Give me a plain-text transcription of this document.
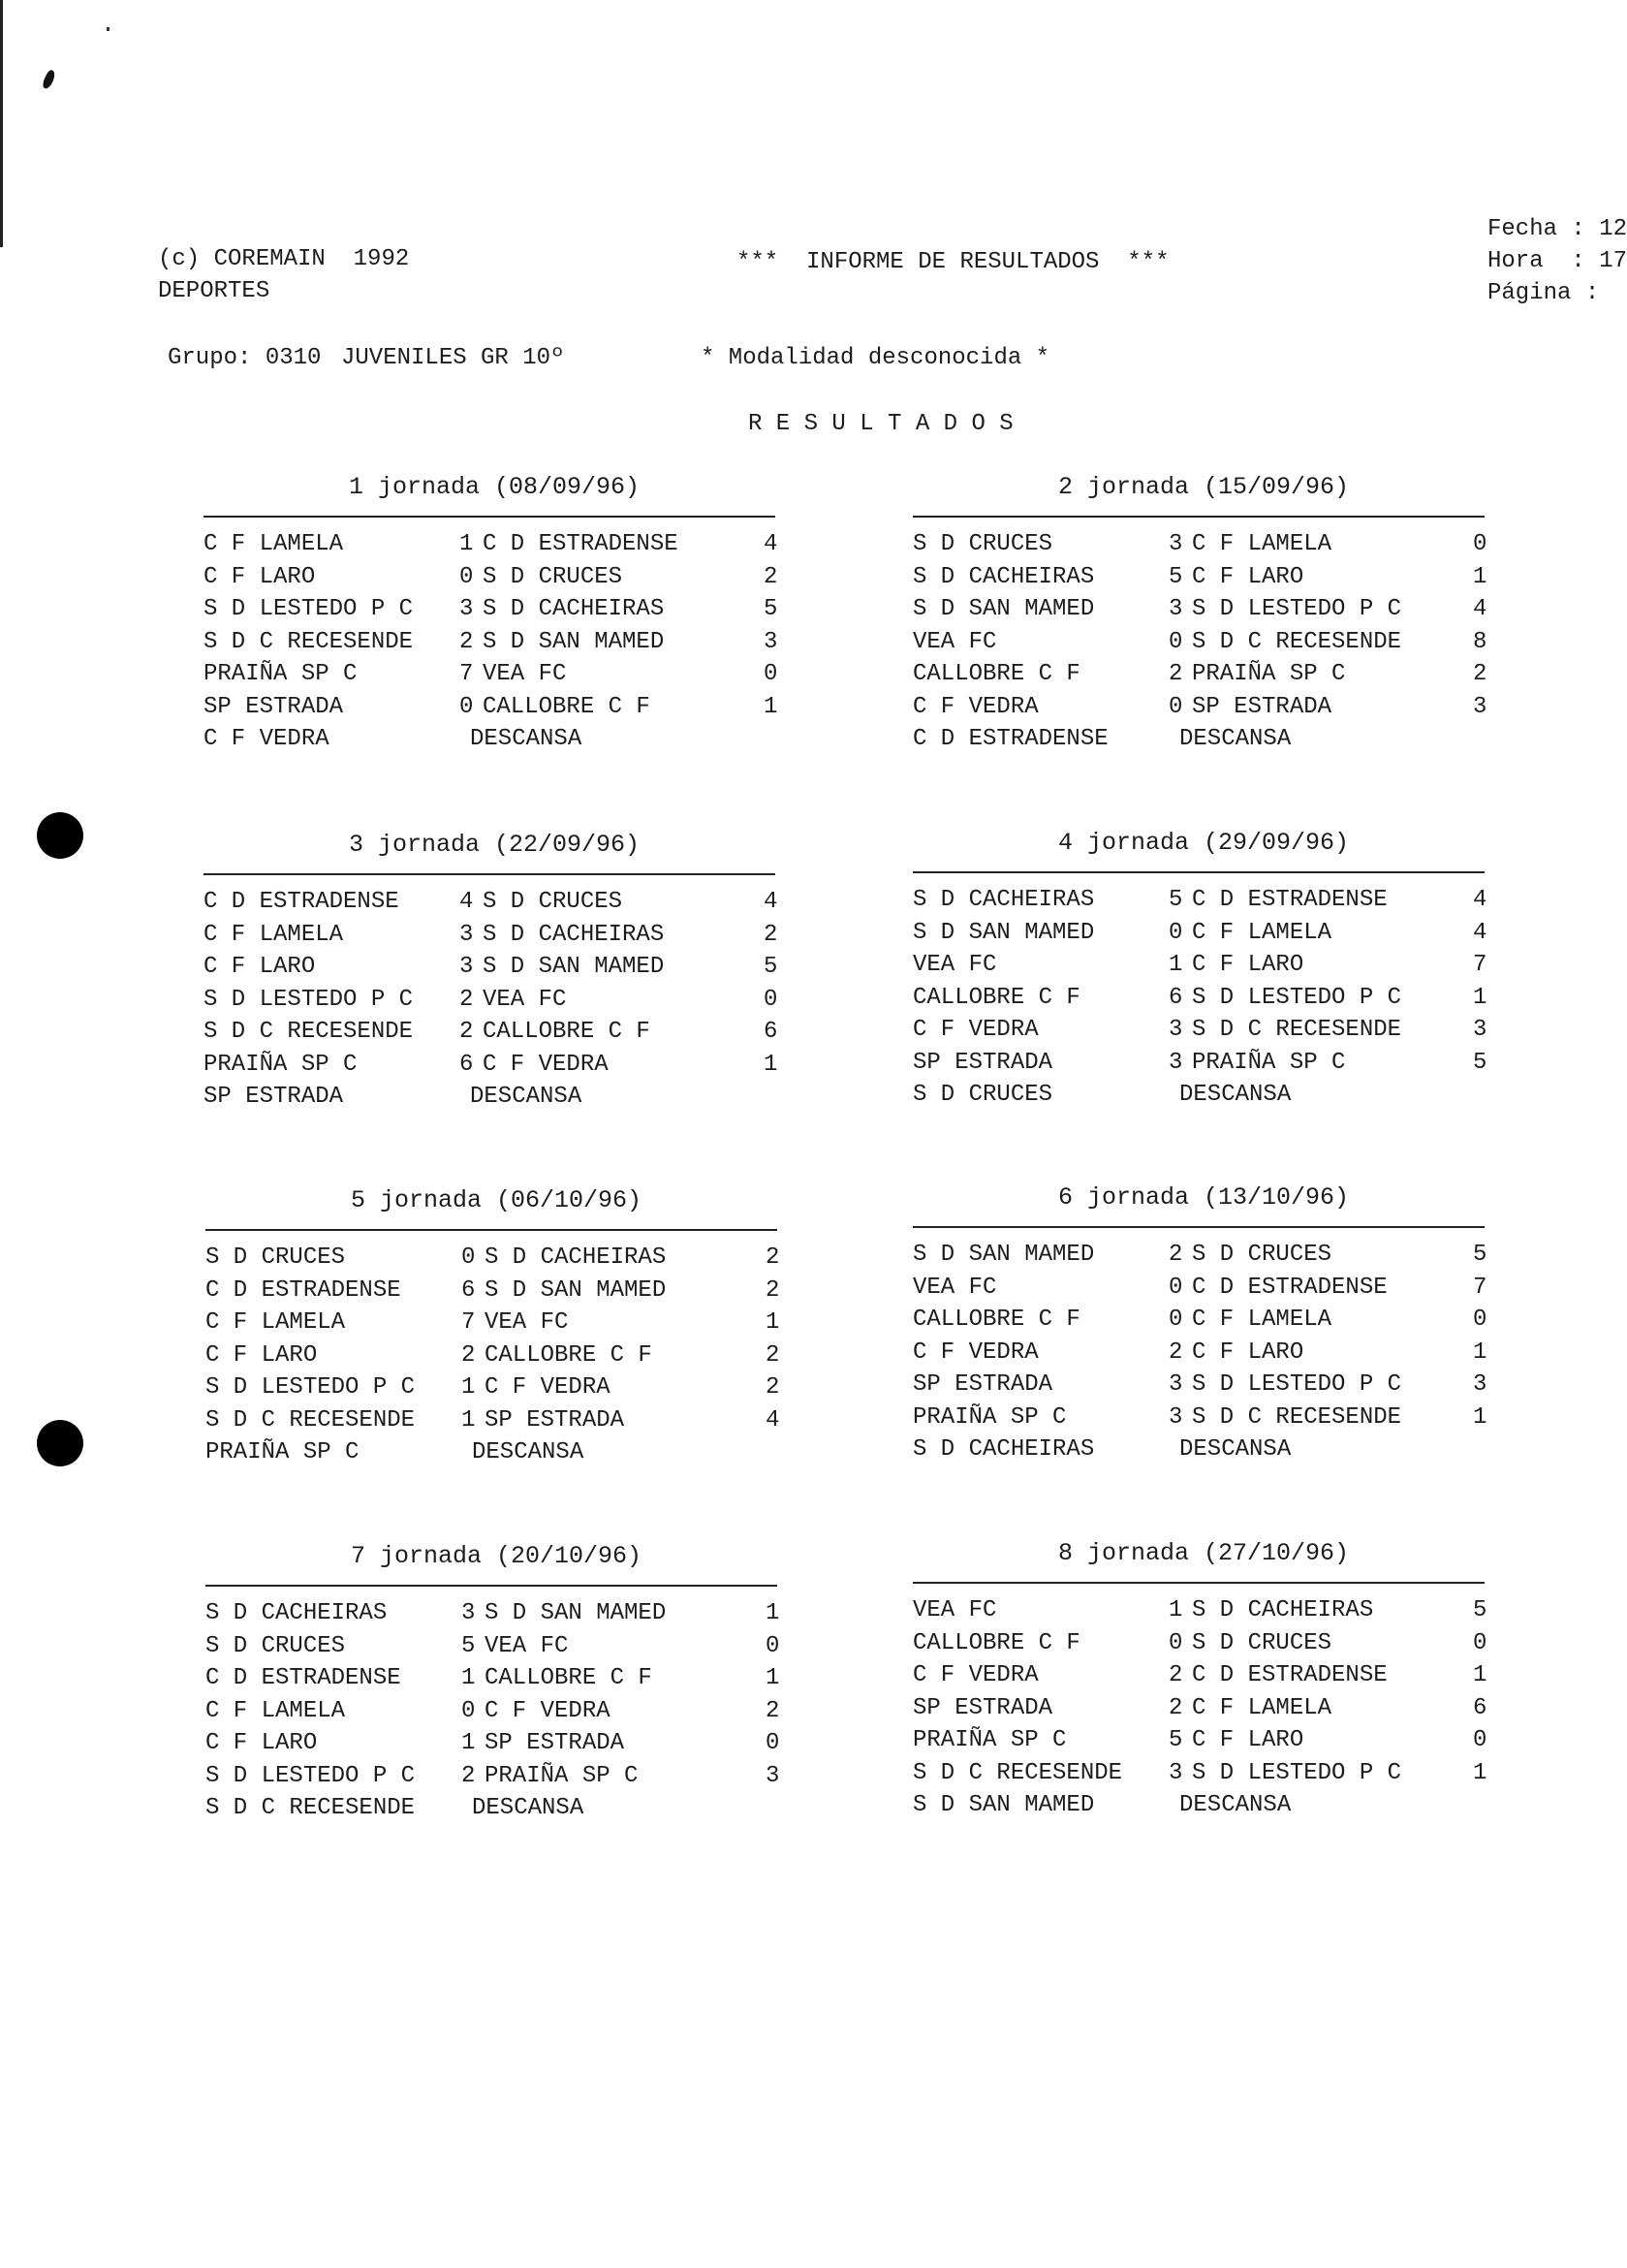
(c) COREMAIN  1992
DEPORTES
***  INFORME DE RESULTADOS  ***
Fecha : 12
Hora  : 17
Página :
Grupo: 0310 JUVENILES GR 10º	* Modalidad desconocida *
R E S U L T A D O S
1 jornada (08/09/96)
C F LAMELA	1 C D ESTRADENSE	4
C F LARO	0 S D CRUCES	2
S D LESTEDO P C 3 S D CACHEIRAS	5
S D C RECESENDE 2 S D SAN MAMED	3
PRAIÑA SP C	7 VEA FC	0
SP ESTRADA	0 CALLOBRE C F	1
C F VEDRA	DESCANSA
2 jornada (15/09/96)
S D CRUCES	3 C F LAMELA	0
S D CACHEIRAS	5 C F LARO	1
S D SAN MAMED	3 S D LESTEDO P C	4
VEA FC	0 S D C RECESENDE	8
CALLOBRE C F	2 PRAIÑA SP C	2
C F VEDRA	0 SP ESTRADA	3
C D ESTRADENSE	DESCANSA
3 jornada (22/09/96)
C D ESTRADENSE	4 S D CRUCES	4
C F LAMELA	3 S D CACHEIRAS	2
C F LARO	3 S D SAN MAMED	5
S D LESTEDO P C 2 VEA FC	0
S D C RECESENDE 2 CALLOBRE C F	6
PRAIÑA SP C	6 C F VEDRA	1
SP ESTRADA	DESCANSA
4 jornada (29/09/96)
S D CACHEIRAS	5 C D ESTRADENSE	4
S D SAN MAMED	0 C F LAMELA	4
VEA FC	1 C F LARO	7
CALLOBRE C F	6 S D LESTEDO P C	1
C F VEDRA	3 S D C RECESENDE	3
SP ESTRADA	3 PRAIÑA SP C	5
S D CRUCES	DESCANSA
5 jornada (06/10/96)
S D CRUCES	0 S D CACHEIRAS	2
C D ESTRADENSE	6 S D SAN MAMED	2
C F LAMELA	7 VEA FC	1
C F LARO	2 CALLOBRE C F	2
S D LESTEDO P C 1 C F VEDRA	2
S D C RECESENDE 1 SP ESTRADA	4
PRAIÑA SP C	DESCANSA
6 jornada (13/10/96)
S D SAN MAMED	2 S D CRUCES	5
VEA FC	0 C D ESTRADENSE	7
CALLOBRE C F	0 C F LAMELA	0
C F VEDRA	2 C F LARO	1
SP ESTRADA	3 S D LESTEDO P C	3
PRAIÑA SP C	3 S D C RECESENDE	1
S D CACHEIRAS	DESCANSA
7 jornada (20/10/96)
S D CACHEIRAS	3 S D SAN MAMED	1
S D CRUCES	5 VEA FC	0
C D ESTRADENSE	1 CALLOBRE C F	1
C F LAMELA	0 C F VEDRA	2
C F LARO	1 SP ESTRADA	0
S D LESTEDO P C 2 PRAIÑA SP C	3
S D C RECESENDE DESCANSA
8 jornada (27/10/96)
VEA FC	1 S D CACHEIRAS	5
CALLOBRE C F	0 S D CRUCES	0
C F VEDRA	2 C D ESTRADENSE	1
SP ESTRADA	2 C F LAMELA	6
PRAIÑA SP C	5 C F LARO	0
S D C RECESENDE 3 S D LESTEDO P C	1
S D SAN MAMED	DESCANSA
